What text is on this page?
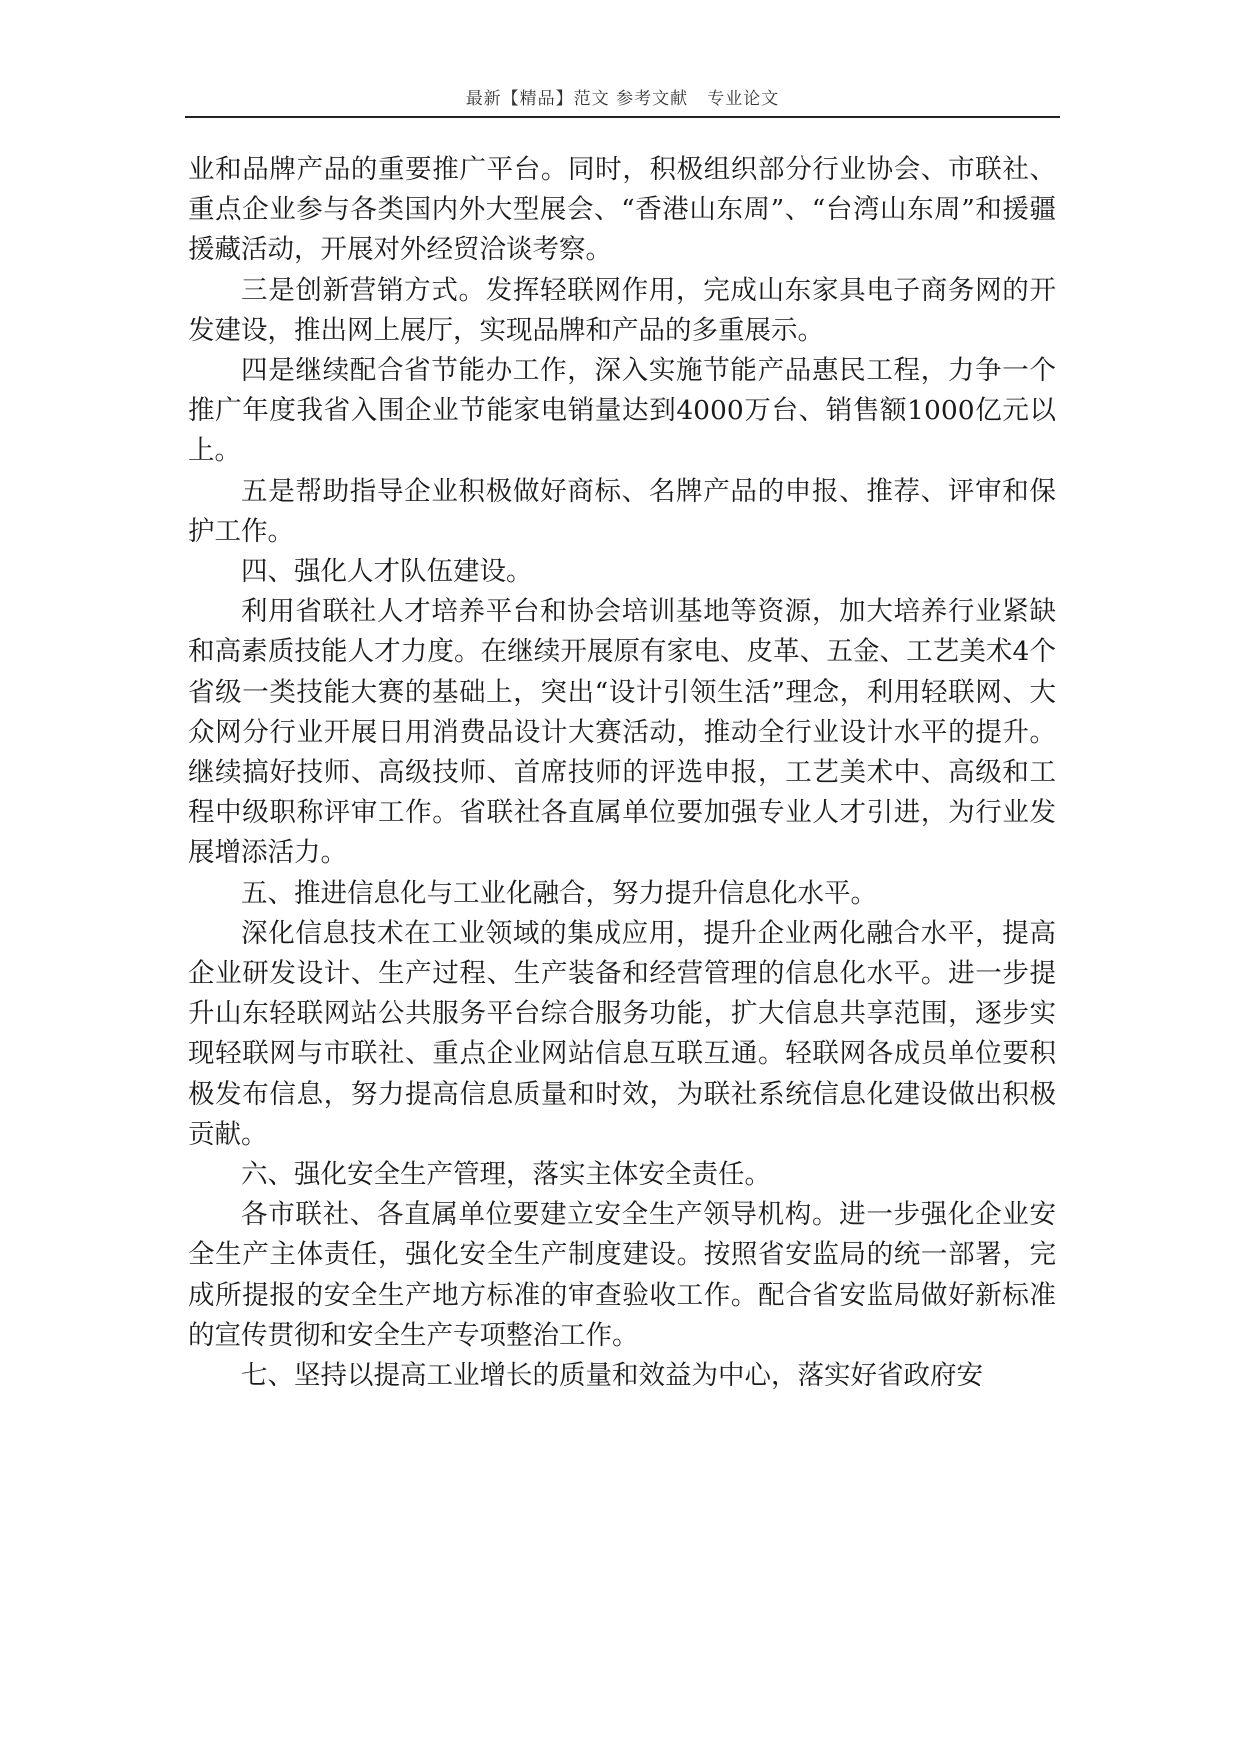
最新【精品】范文 参考文献   专业论文

业和品牌产品的重要推广平台。同时，积极组织部分行业协会、市联社、重点企业参与各类国内外大型展会、“香港山东周”、“台湾山东周”和援疆援藏活动，开展对外经贸洽谈考察。

三是创新营销方式。发挥轻联网作用，完成山东家具电子商务网的开发建设，推出网上展厅，实现品牌和产品的多重展示。

四是继续配合省节能办工作，深入实施节能产品惠民工程，力争一个推广年度我省入围企业节能家电销量达到4000万台、销售额1000亿元以上。

五是帮助指导企业积极做好商标、名牌产品的申报、推荐、评审和保护工作。

四、强化人才队伍建设。

利用省联社人才培养平台和协会培训基地等资源，加大培养行业紧缺和高素质技能人才力度。在继续开展原有家电、皮革、五金、工艺美术4个省级一类技能大赛的基础上，突出“设计引领生活”理念，利用轻联网、大众网分行业开展日用消费品设计大赛活动，推动全行业设计水平的提升。继续搞好技师、高级技师、首席技师的评选申报，工艺美术中、高级和工程中级职称评审工作。省联社各直属单位要加强专业人才引进，为行业发展增添活力。

五、推进信息化与工业化融合，努力提升信息化水平。

深化信息技术在工业领域的集成应用，提升企业两化融合水平，提高企业研发设计、生产过程、生产装备和经营管理的信息化水平。进一步提升山东轻联网站公共服务平台综合服务功能，扩大信息共享范围，逐步实现轻联网与市联社、重点企业网站信息互联互通。轻联网各成员单位要积极发布信息，努力提高信息质量和时效，为联社系统信息化建设做出积极贡献。

六、强化安全生产管理，落实主体安全责任。

各市联社、各直属单位要建立安全生产领导机构。进一步强化企业安全生产主体责任，强化安全生产制度建设。按照省安监局的统一部署，完成所提报的安全生产地方标准的审查验收工作。配合省安监局做好新标准的宣传贯彻和安全生产专项整治工作。

七、坚持以提高工业增长的质量和效益为中心，落实好省政府安
